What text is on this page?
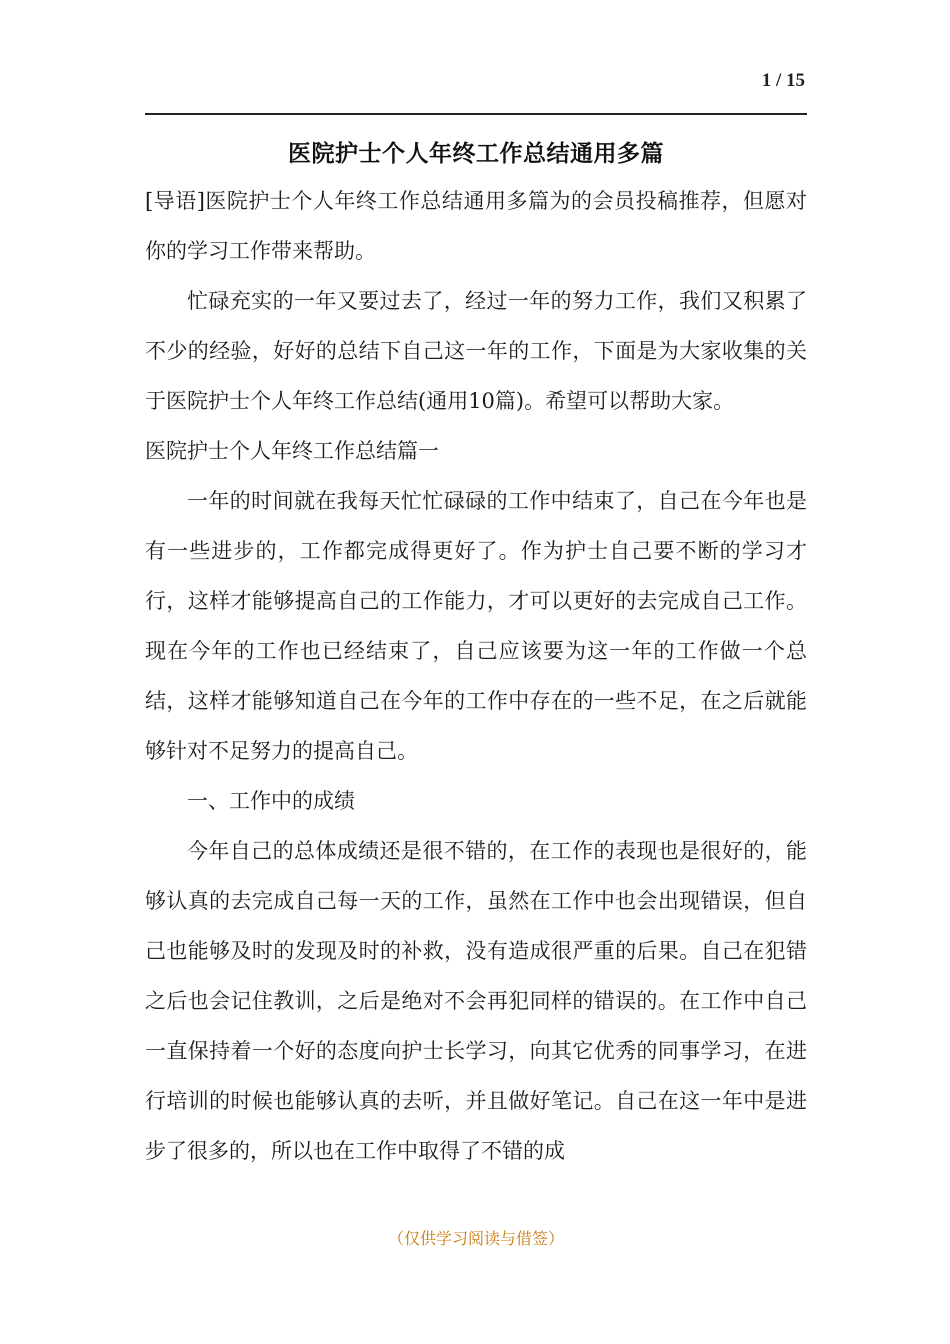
1 / 15
医院护士个人年终工作总结通用多篇

[导语]医院护士个人年终工作总结通用多篇为的会员投稿推荐，但愿对你的学习工作带来帮助。

忙碌充实的一年又要过去了，经过一年的努力工作，我们又积累了不少的经验，好好的总结下自己这一年的工作，下面是为大家收集的关于医院护士个人年终工作总结(通用10篇)。希望可以帮助大家。

医院护士个人年终工作总结篇一

一年的时间就在我每天忙忙碌碌的工作中结束了，自己在今年也是有一些进步的，工作都完成得更好了。作为护士自己要不断的学习才行，这样才能够提高自己的工作能力，才可以更好的去完成自己工作。现在今年的工作也已经结束了，自己应该要为这一年的工作做一个总结，这样才能够知道自己在今年的工作中存在的一些不足，在之后就能够针对不足努力的提高自己。

一、工作中的成绩

今年自己的总体成绩还是很不错的，在工作的表现也是很好的，能够认真的去完成自己每一天的工作，虽然在工作中也会出现错误，但自己也能够及时的发现及时的补救，没有造成很严重的后果。自己在犯错之后也会记住教训，之后是绝对不会再犯同样的错误的。在工作中自己一直保持着一个好的态度向护士长学习，向其它优秀的同事学习，在进行培训的时候也能够认真的去听，并且做好笔记。自己在这一年中是进步了很多的，所以也在工作中取得了不错的成

（仅供学习阅读与借签）
